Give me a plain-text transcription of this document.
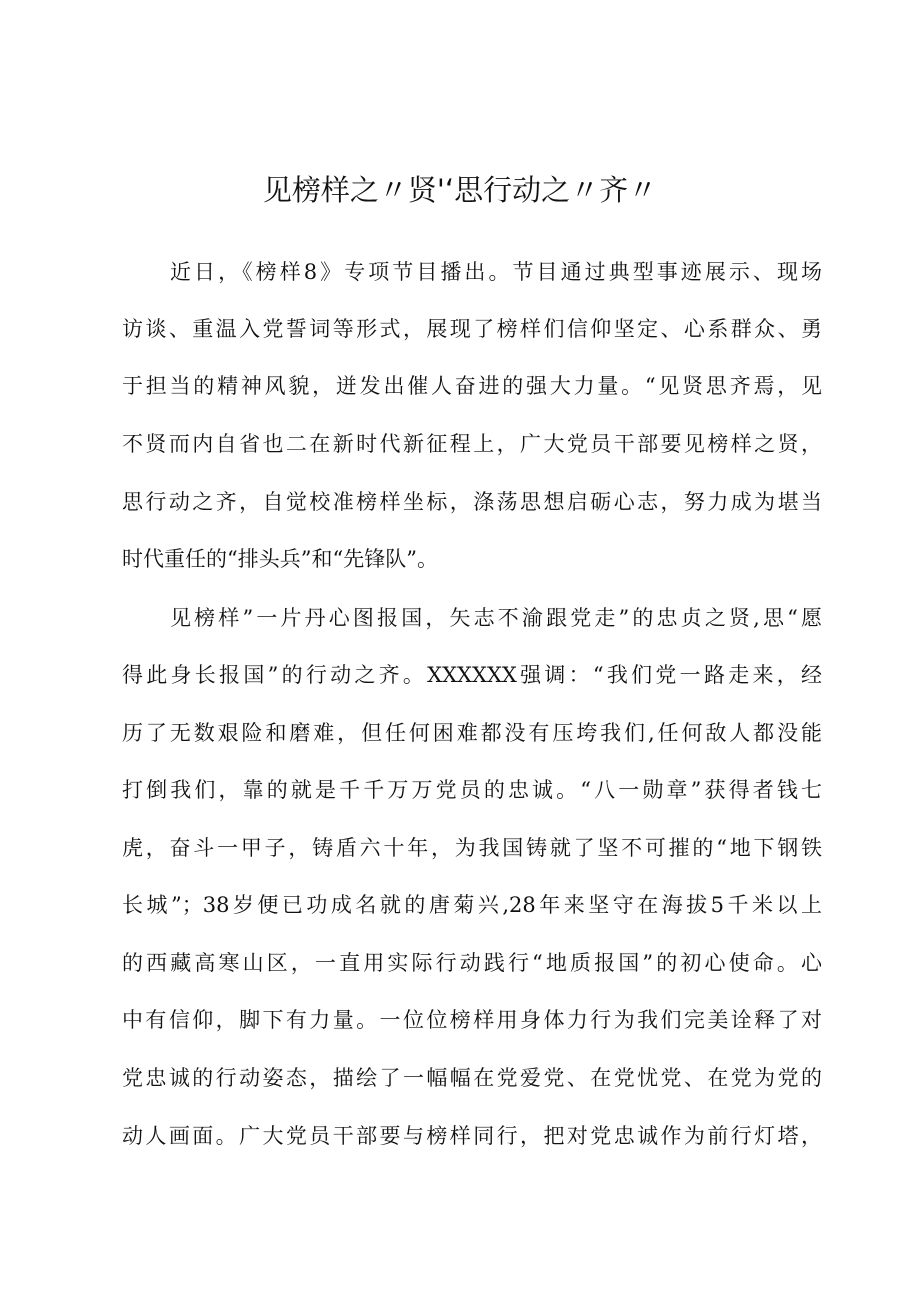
见榜样之〃贤'‘思行动之〃齐〃
近日，《榜样8》专项节目播出。节目通过典型事迹展示、现场
访谈、重温入党誓词等形式，展现了榜样们信仰坚定、心系群众、勇
于担当的精神风貌，迸发出催人奋进的强大力量。“见贤思齐焉，见
不贤而内自省也二在新时代新征程上，广大党员干部要见榜样之贤，
思行动之齐，自觉校准榜样坐标，涤荡思想启砺心志，努力成为堪当
时代重任的“排头兵”和“先锋队”。
见榜样”一片丹心图报国，矢志不渝跟党走”的忠贞之贤,思“愿
得此身长报国”的行动之齐。XXXXXX强调：“我们党一路走来，经
历了无数艰险和磨难，但任何困难都没有压垮我们,任何敌人都没能
打倒我们，靠的就是千千万万党员的忠诚。“八一勋章”获得者钱七
虎，奋斗一甲子，铸盾六十年，为我国铸就了坚不可摧的“地下钢铁
长城”；38岁便已功成名就的唐菊兴,28年来坚守在海拔5千米以上
的西藏高寒山区，一直用实际行动践行“地质报国”的初心使命。心
中有信仰，脚下有力量。一位位榜样用身体力行为我们完美诠释了对
党忠诚的行动姿态，描绘了一幅幅在党爱党、在党忧党、在党为党的
动人画面。广大党员干部要与榜样同行，把对党忠诚作为前行灯塔，
